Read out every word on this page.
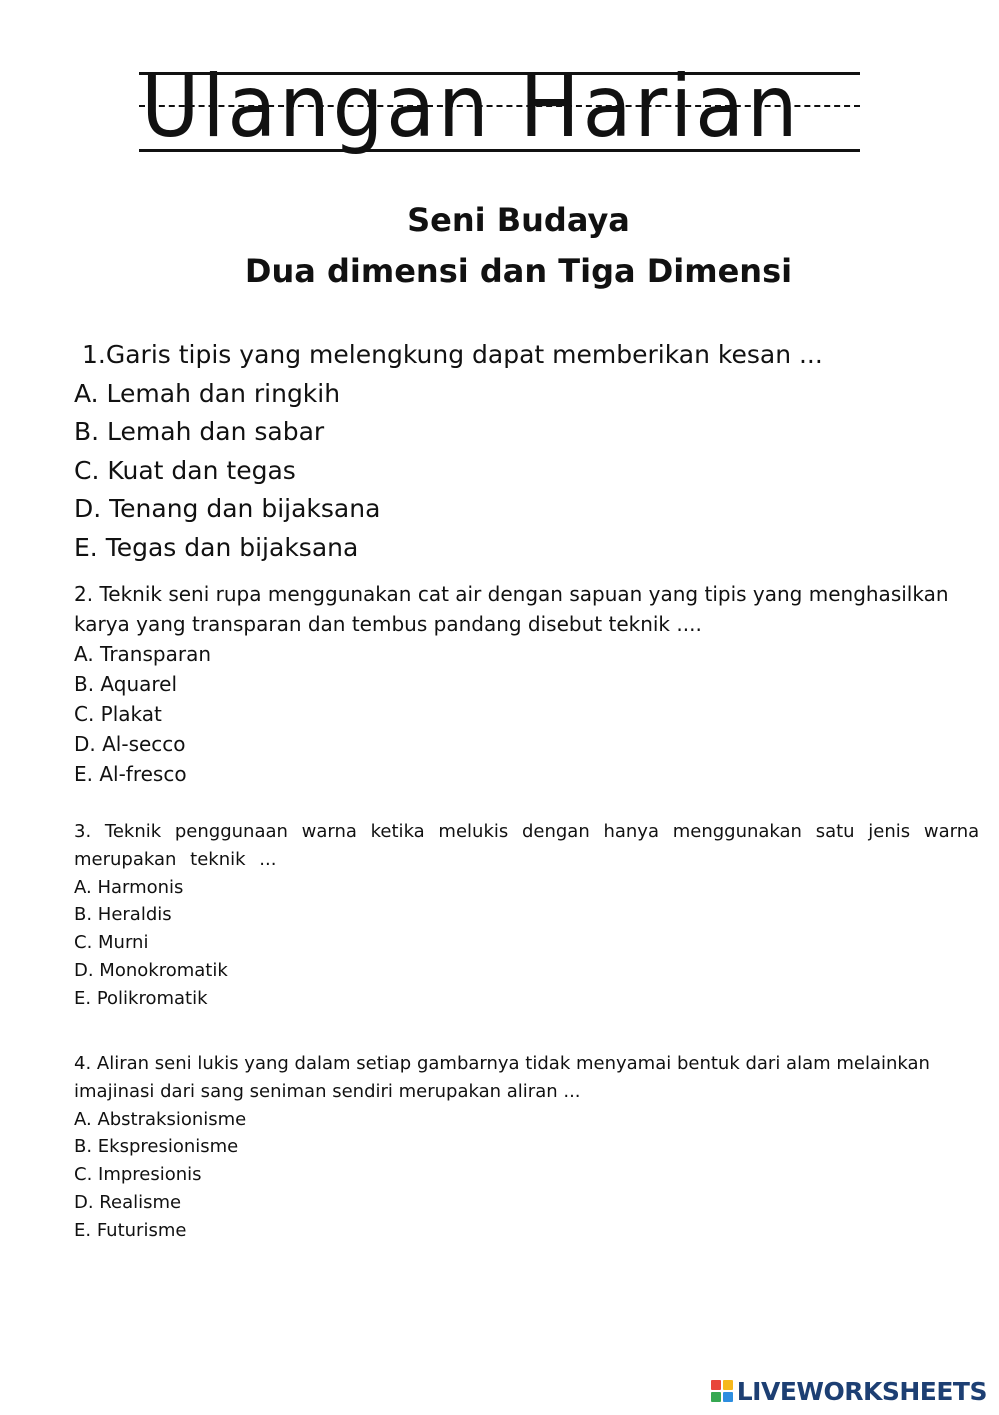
Ulangan Harian
Seni Budaya
Dua dimensi dan Tiga Dimensi
1.Garis tipis yang melengkung dapat memberikan kesan ...
A. Lemah dan ringkih
B. Lemah dan sabar
C. Kuat dan tegas
D. Tenang dan bijaksana
E. Tegas dan bijaksana
2. Teknik seni rupa menggunakan cat air dengan sapuan yang tipis yang menghasilkan
karya yang transparan dan tembus pandang disebut teknik ....
A. Transparan
B. Aquarel
C. Plakat
D. Al-secco
E. Al-fresco
3. Teknik penggunaan warna ketika melukis dengan hanya menggunakan satu jenis warna
merupakan teknik ...
A. Harmonis
B. Heraldis
C. Murni
D. Monokromatik
E. Polikromatik
4. Aliran seni lukis yang dalam setiap gambarnya tidak menyamai bentuk dari alam melainkan
imajinasi dari sang seniman sendiri merupakan aliran ...
A. Abstraksionisme
B. Ekspresionisme
C. Impresionis
D. Realisme
E. Futurisme
LIVEWORKSHEETS
